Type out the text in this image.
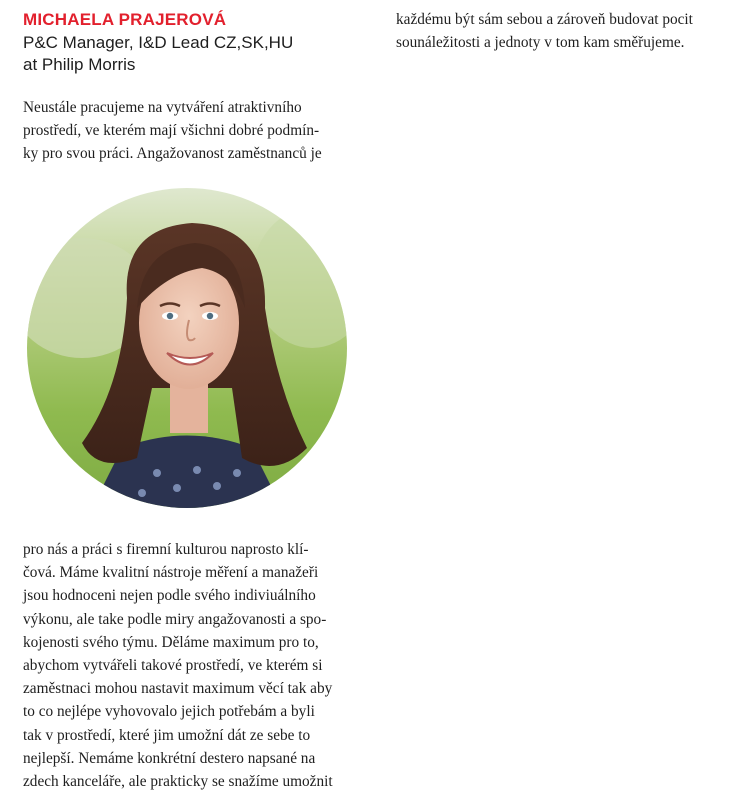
MICHAELA PRAJEROVÁ
P&C Manager, I&D Lead CZ,SK,HU
at Philip Morris

Neustále pracujeme na vytváření atraktivního
prostředí, ve kterém mají všichni dobré podmín-
ky pro svou práci. Angažovanost zaměstnanců je

pro nás a práci s firemní kulturou naprosto klí-
čová. Máme kvalitní nástroje měření a manažeři
jsou hodnoceni nejen podle svého indiviuálního
výkonu, ale take podle miry angažovanosti a spo-
kojenosti svého týmu. Děláme maximum pro to,
abychom vytvářeli takové prostředí, ve kterém si
zaměstnaci mohou nastavit maximum věcí tak aby
to co nejlépe vyhovovalo jejich potřebám a byli
tak v prostředí, které jim umožní dát ze sebe to
nejlepší. Nemáme konkrétní destero napsané na
zdech kanceláře, ale prakticky se snažíme umožnit

každému být sám sebou a zároveň budovat pocit
sounáležitosti a jednoty v tom kam směřujeme.
